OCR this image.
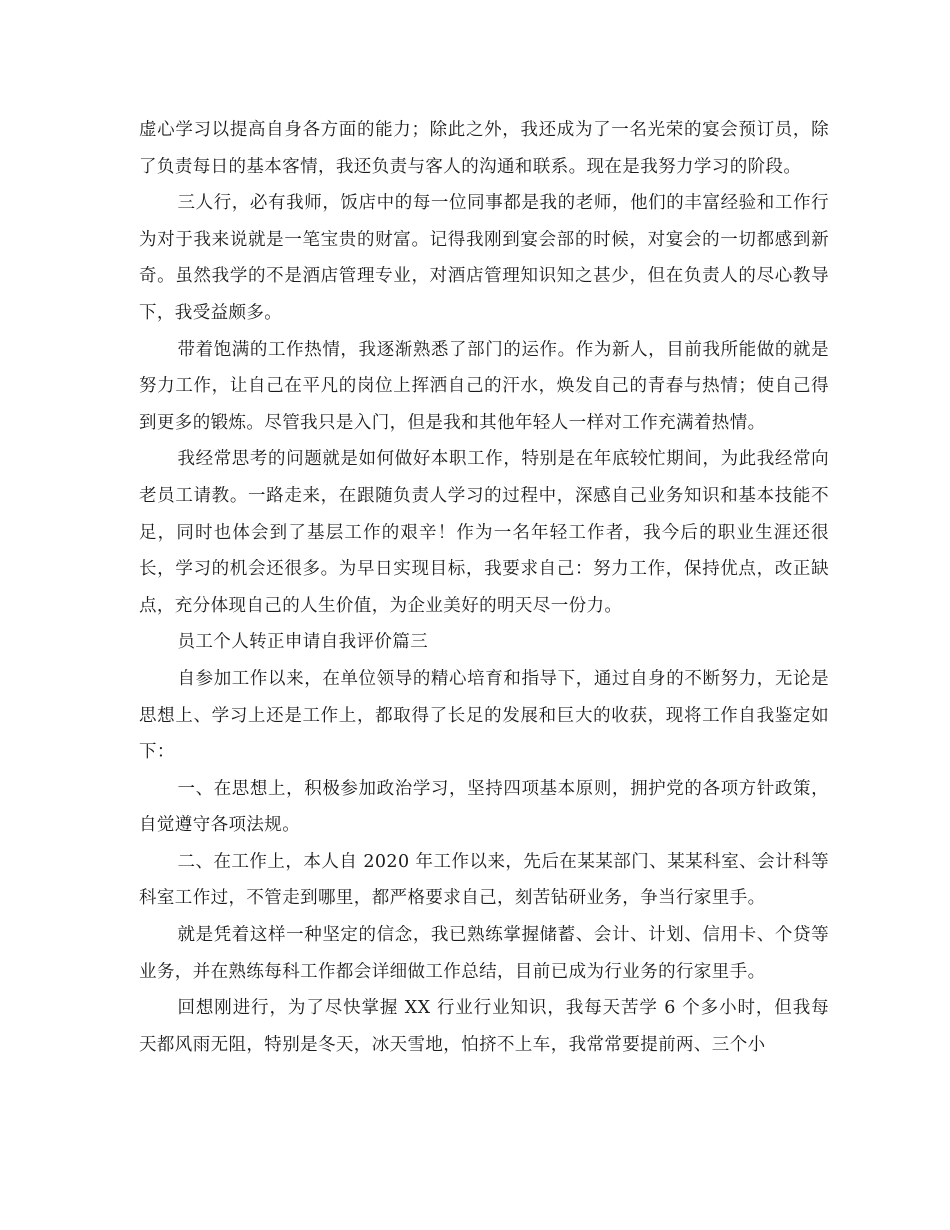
虚心学习以提高自身各方面的能力；除此之外，我还成为了一名光荣的宴会预订员，除了负责每日的基本客情，我还负责与客人的沟通和联系。现在是我努力学习的阶段。

三人行，必有我师，饭店中的每一位同事都是我的老师，他们的丰富经验和工作行为对于我来说就是一笔宝贵的财富。记得我刚到宴会部的时候，对宴会的一切都感到新奇。虽然我学的不是酒店管理专业，对酒店管理知识知之甚少，但在负责人的尽心教导下，我受益颇多。

带着饱满的工作热情，我逐渐熟悉了部门的运作。作为新人，目前我所能做的就是努力工作，让自己在平凡的岗位上挥洒自己的汗水，焕发自己的青春与热情；使自己得到更多的锻炼。尽管我只是入门，但是我和其他年轻人一样对工作充满着热情。

我经常思考的问题就是如何做好本职工作，特别是在年底较忙期间，为此我经常向老员工请教。一路走来，在跟随负责人学习的过程中，深感自己业务知识和基本技能不足，同时也体会到了基层工作的艰辛！作为一名年轻工作者，我今后的职业生涯还很长，学习的机会还很多。为早日实现目标，我要求自己：努力工作，保持优点，改正缺点，充分体现自己的人生价值，为企业美好的明天尽一份力。

员工个人转正申请自我评价篇三

自参加工作以来，在单位领导的精心培育和指导下，通过自身的不断努力，无论是思想上、学习上还是工作上，都取得了长足的发展和巨大的收获，现将工作自我鉴定如下：

一、在思想上，积极参加政治学习，坚持四项基本原则，拥护党的各项方针政策，自觉遵守各项法规。

二、在工作上，本人自 2020 年工作以来，先后在某某部门、某某科室、会计科等科室工作过，不管走到哪里，都严格要求自己，刻苦钻研业务，争当行家里手。

就是凭着这样一种坚定的信念，我已熟练掌握储蓄、会计、计划、信用卡、个贷等业务，并在熟练每科工作都会详细做工作总结，目前已成为行业务的行家里手。

回想刚进行，为了尽快掌握 XX 行业行业知识，我每天苦学 6 个多小时，但我每天都风雨无阻，特别是冬天，冰天雪地，怕挤不上车，我常常要提前两、三个小
